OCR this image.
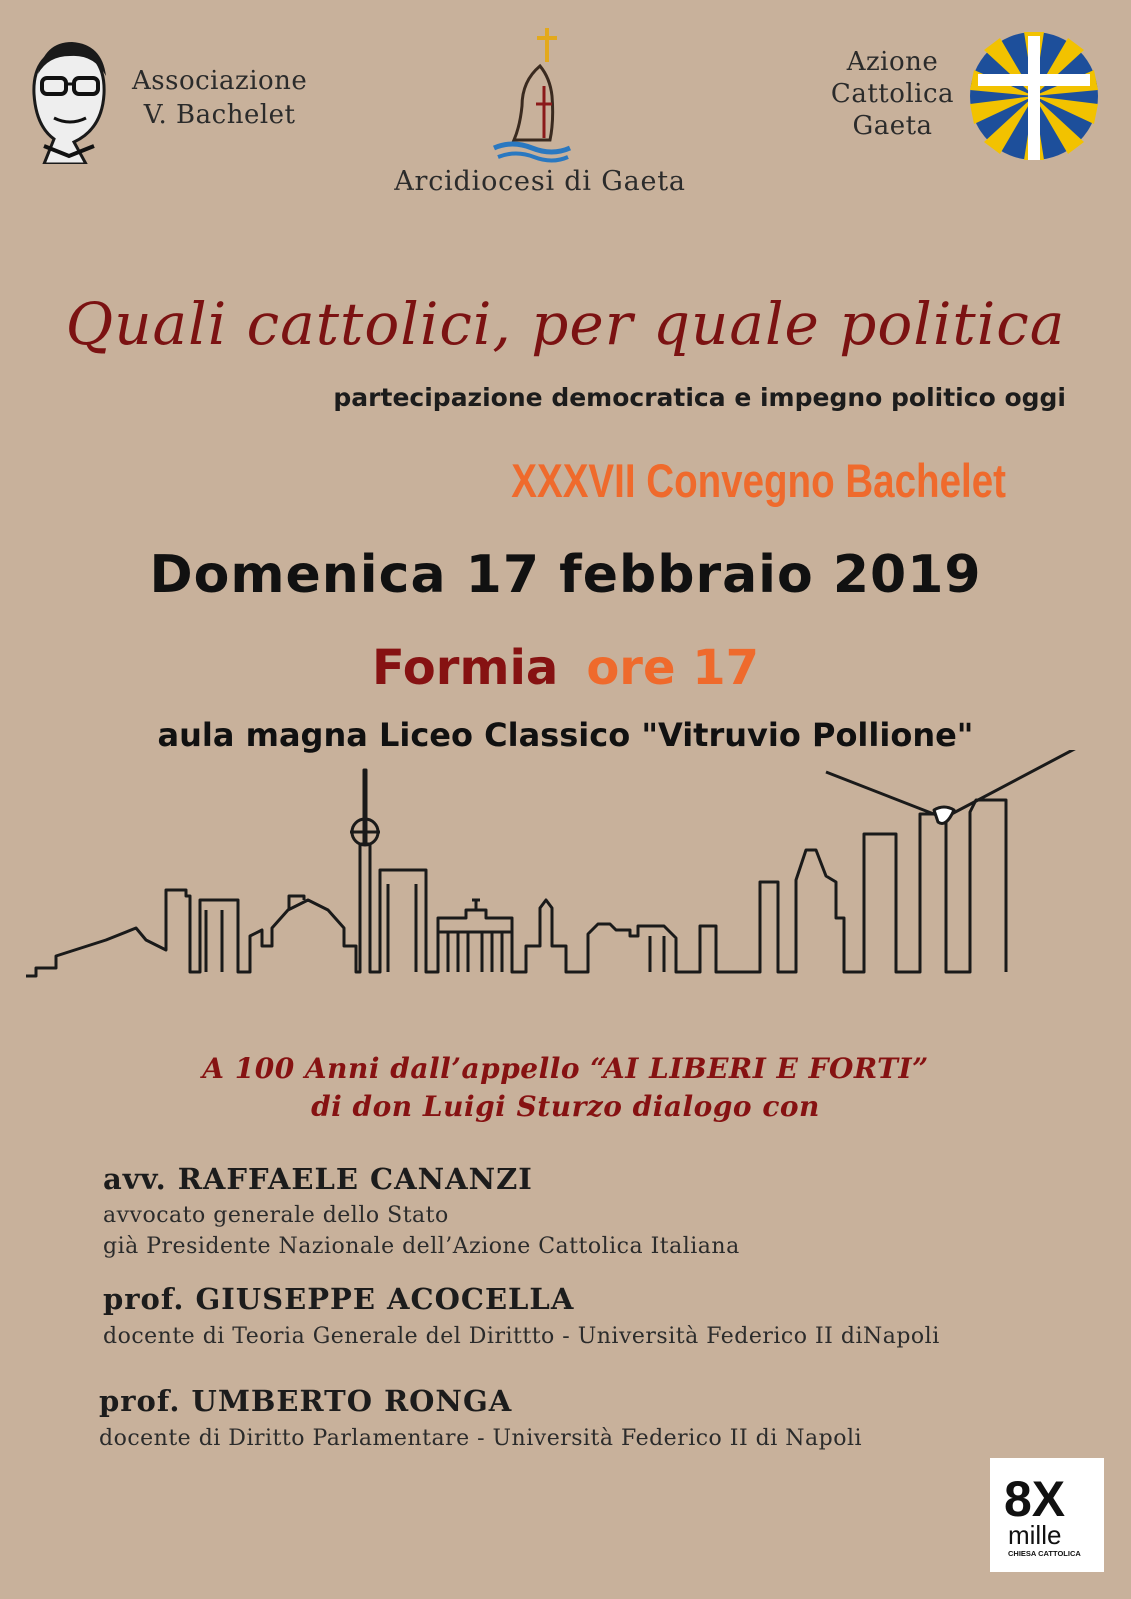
Associazione
V. Bachelet
Arcidiocesi di Gaeta
Azione
Cattolica
Gaeta
Quali cattolici, per quale politica
partecipazione democratica e impegno politico oggi
XXXVII Convegno Bachelet
Domenica 17 febbraio 2019
Formia ore 17
aula magna Liceo Classico "Vitruvio Pollione"
A 100 Anni dall’appello “AI LIBERI E FORTI”
di don Luigi Sturzo dialogo con
avv. RAFFAELE CANANZI
avvocato generale dello Stato
già Presidente Nazionale dell’Azione Cattolica Italiana
prof. GIUSEPPE ACOCELLA
docente di Teoria Generale del Dirittto - Università Federico II diNapoli
prof. UMBERTO RONGA
docente di Diritto Parlamentare - Università Federico II di Napoli
8X
mille
CHIESA CATTOLICA
